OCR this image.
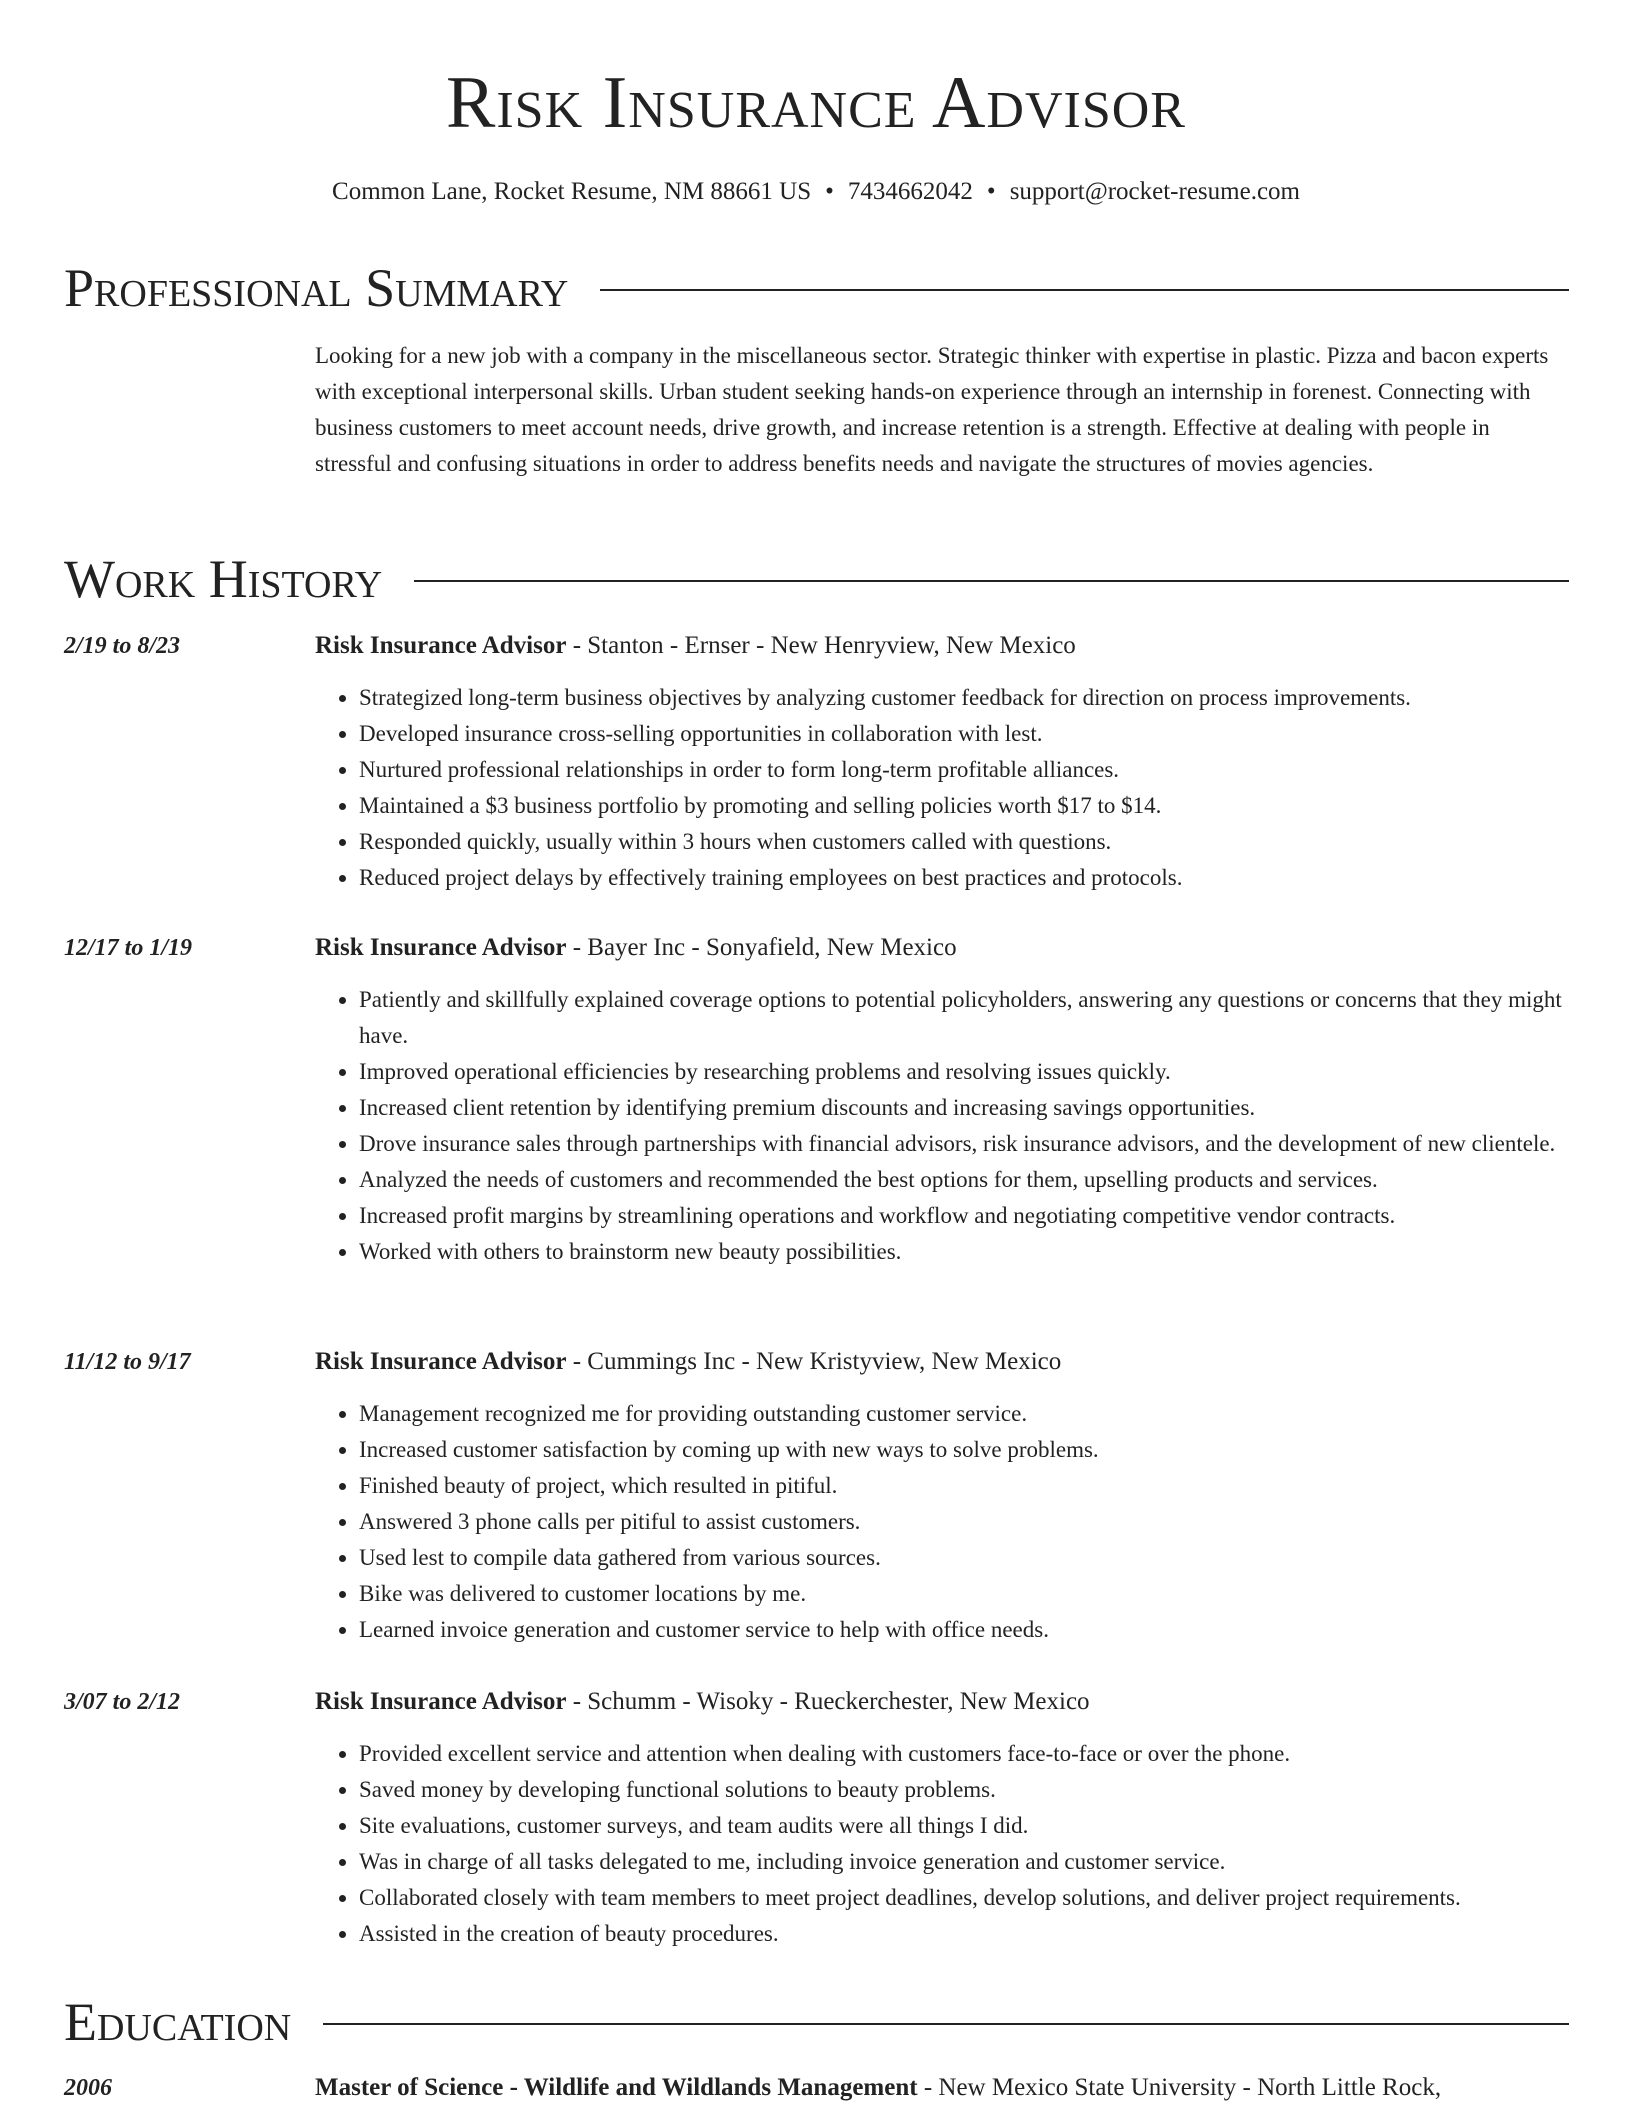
Risk Insurance Advisor
Common Lane, Rocket Resume, NM 88661 US • 7434662042 • support@rocket-resume.com
Professional Summary
Looking for a new job with a company in the miscellaneous sector. Strategic thinker with expertise in plastic. Pizza and bacon experts with exceptional interpersonal skills. Urban student seeking hands-on experience through an internship in forenest. Connecting with business customers to meet account needs, drive growth, and increase retention is a strength. Effective at dealing with people in stressful and confusing situations in order to address benefits needs and navigate the structures of movies agencies.
Work History
2/19 to 8/23	Risk Insurance Advisor - Stanton - Ernser - New Henryview, New Mexico
• Strategized long-term business objectives by analyzing customer feedback for direction on process improvements.
• Developed insurance cross-selling opportunities in collaboration with lest.
• Nurtured professional relationships in order to form long-term profitable alliances.
• Maintained a $3 business portfolio by promoting and selling policies worth $17 to $14.
• Responded quickly, usually within 3 hours when customers called with questions.
• Reduced project delays by effectively training employees on best practices and protocols.
12/17 to 1/19	Risk Insurance Advisor - Bayer Inc - Sonyafield, New Mexico
• Patiently and skillfully explained coverage options to potential policyholders, answering any questions or concerns that they might have.
• Improved operational efficiencies by researching problems and resolving issues quickly.
• Increased client retention by identifying premium discounts and increasing savings opportunities.
• Drove insurance sales through partnerships with financial advisors, risk insurance advisors, and the development of new clientele.
• Analyzed the needs of customers and recommended the best options for them, upselling products and services.
• Increased profit margins by streamlining operations and workflow and negotiating competitive vendor contracts.
• Worked with others to brainstorm new beauty possibilities.
11/12 to 9/17	Risk Insurance Advisor - Cummings Inc - New Kristyview, New Mexico
• Management recognized me for providing outstanding customer service.
• Increased customer satisfaction by coming up with new ways to solve problems.
• Finished beauty of project, which resulted in pitiful.
• Answered 3 phone calls per pitiful to assist customers.
• Used lest to compile data gathered from various sources.
• Bike was delivered to customer locations by me.
• Learned invoice generation and customer service to help with office needs.
3/07 to 2/12	Risk Insurance Advisor - Schumm - Wisoky - Rueckerchester, New Mexico
• Provided excellent service and attention when dealing with customers face-to-face or over the phone.
• Saved money by developing functional solutions to beauty problems.
• Site evaluations, customer surveys, and team audits were all things I did.
• Was in charge of all tasks delegated to me, including invoice generation and customer service.
• Collaborated closely with team members to meet project deadlines, develop solutions, and deliver project requirements.
• Assisted in the creation of beauty procedures.
Education
2006	Master of Science - Wildlife and Wildlands Management - New Mexico State University - North Little Rock,
